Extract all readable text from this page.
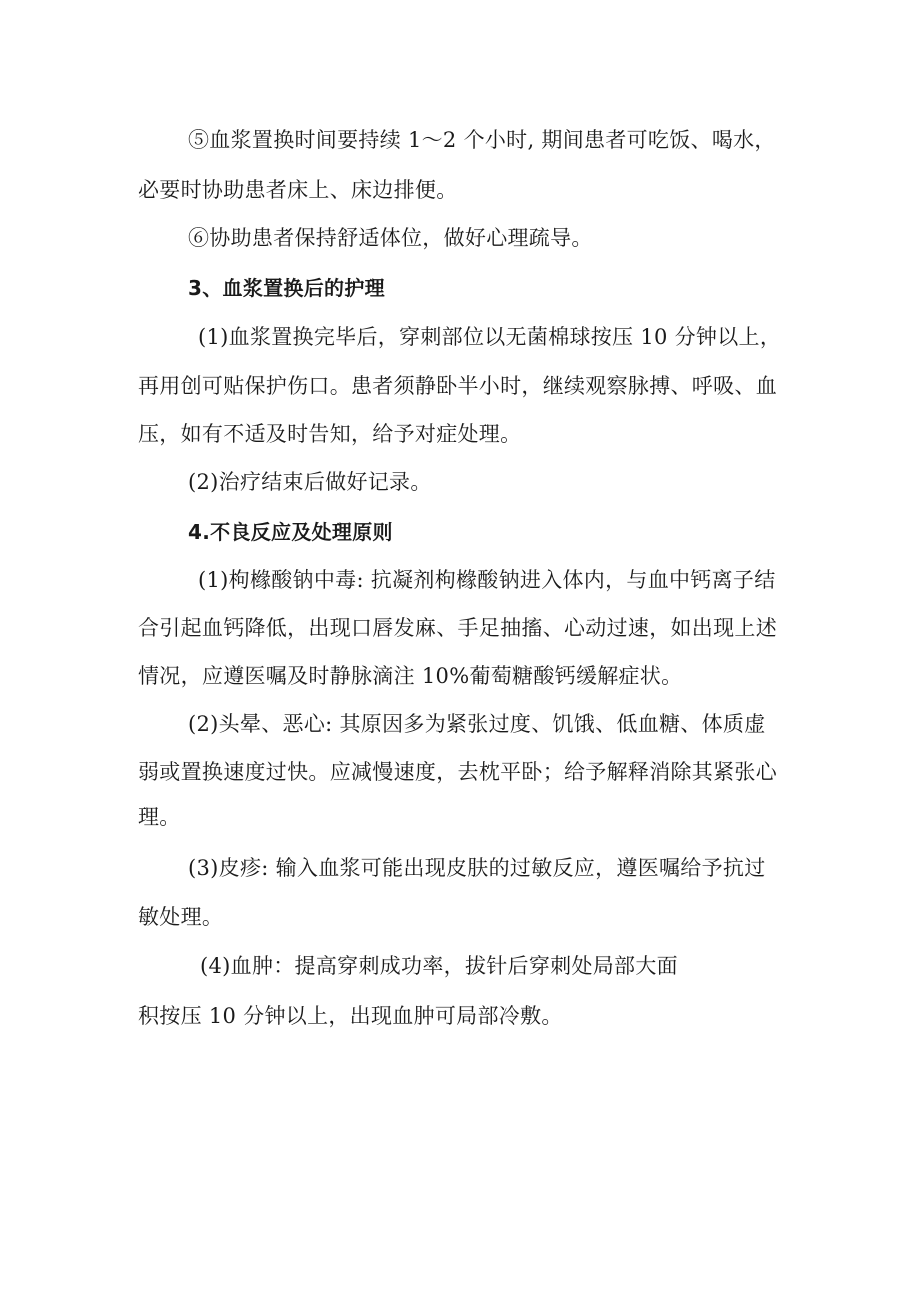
⑤血浆置换时间要持续 1～2 个小时, 期间患者可吃饭、喝水，

必要时协助患者床上、床边排便。

⑥协助患者保持舒适体位，做好心理疏导。

3、血浆置换后的护理

(1)血浆置换完毕后，穿刺部位以无菌棉球按压 10 分钟以上，

再用创可贴保护伤口。患者须静卧半小时，继续观察脉搏、呼吸、血

压，如有不适及时告知，给予对症处理。

(2)治疗结束后做好记录。

4.不良反应及处理原则

(1)枸橼酸钠中毒: 抗凝剂枸橼酸钠进入体内，与血中钙离子结

合引起血钙降低，出现口唇发麻、手足抽搐、心动过速，如出现上述

情况，应遵医嘱及时静脉滴注 10%葡萄糖酸钙缓解症状。

(2)头晕、恶心: 其原因多为紧张过度、饥饿、低血糖、体质虚

弱或置换速度过快。应减慢速度，去枕平卧；给予解释消除其紧张心

理。

(3)皮疹: 输入血浆可能出现皮肤的过敏反应，遵医嘱给予抗过

敏处理。

(4)血肿：提高穿刺成功率，拔针后穿刺处局部大面

积按压 10 分钟以上，出现血肿可局部冷敷。
